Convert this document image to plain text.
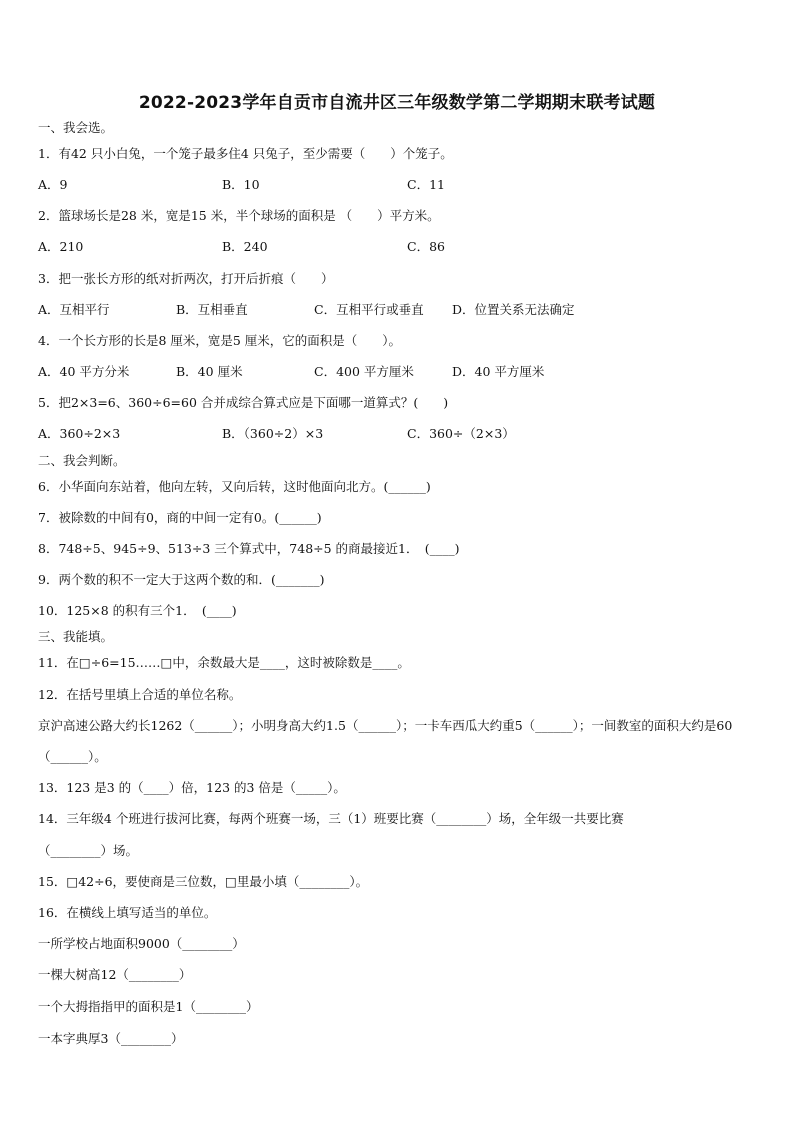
2022-2023学年自贡市自流井区三年级数学第二学期期末联考试题
一、我会选。
1．有42 只小白兔，一个笼子最多住4 只兔子，至少需要（　　）个笼子。
A．9	B．10	C．11
2．篮球场长是28 米，宽是15 米，半个球场的面积是 （　　）平方米。
A．210	B．240	C．86
3．把一张长方形的纸对折两次，打开后折痕（　　）
A．互相平行	B．互相垂直	C．互相平行或垂直 D．位置关系无法确定
4．一个长方形的长是8 厘米，宽是5 厘米，它的面积是（　　）。
A．40 平方分米	B．40 厘米	C．400 平方厘米	D．40 平方厘米
5．把2×3=6、360÷6=60 合并成综合算式应是下面哪一道算式？(　　)
A．360÷2×3	B．（360÷2）×3	C．360÷（2×3）
二、我会判断。
6．小华面向东站着，他向左转，又向后转，这时他面向北方。(______)
7．被除数的中间有0，商的中间一定有0。(______)
8．748÷5、945÷9、513÷3 三个算式中，748÷5 的商最接近1．　(____)
9．两个数的积不一定大于这两个数的和．(_______)
10．125×8 的积有三个1．　(____)
三、我能填。
11．在□÷6=15……□中，余数最大是____，这时被除数是____。
12．在括号里填上合适的单位名称。
京沪高速公路大约长1262（______）；小明身高大约1.5（______）；一卡车西瓜大约重5（______）；一间教室的面积大约是60（______）。
13．123 是3 的（____）倍，123 的3 倍是（_____）。
14．三年级4 个班进行拔河比赛，每两个班赛一场，三（1）班要比赛（________）场，全年级一共要比赛
（________）场。
15．□42÷6，要使商是三位数，□里最小填（________）。
16．在横线上填写适当的单位。
一所学校占地面积9000（________）
一棵大树高12（________）
一个大拇指指甲的面积是1（________）
一本字典厚3（________）
